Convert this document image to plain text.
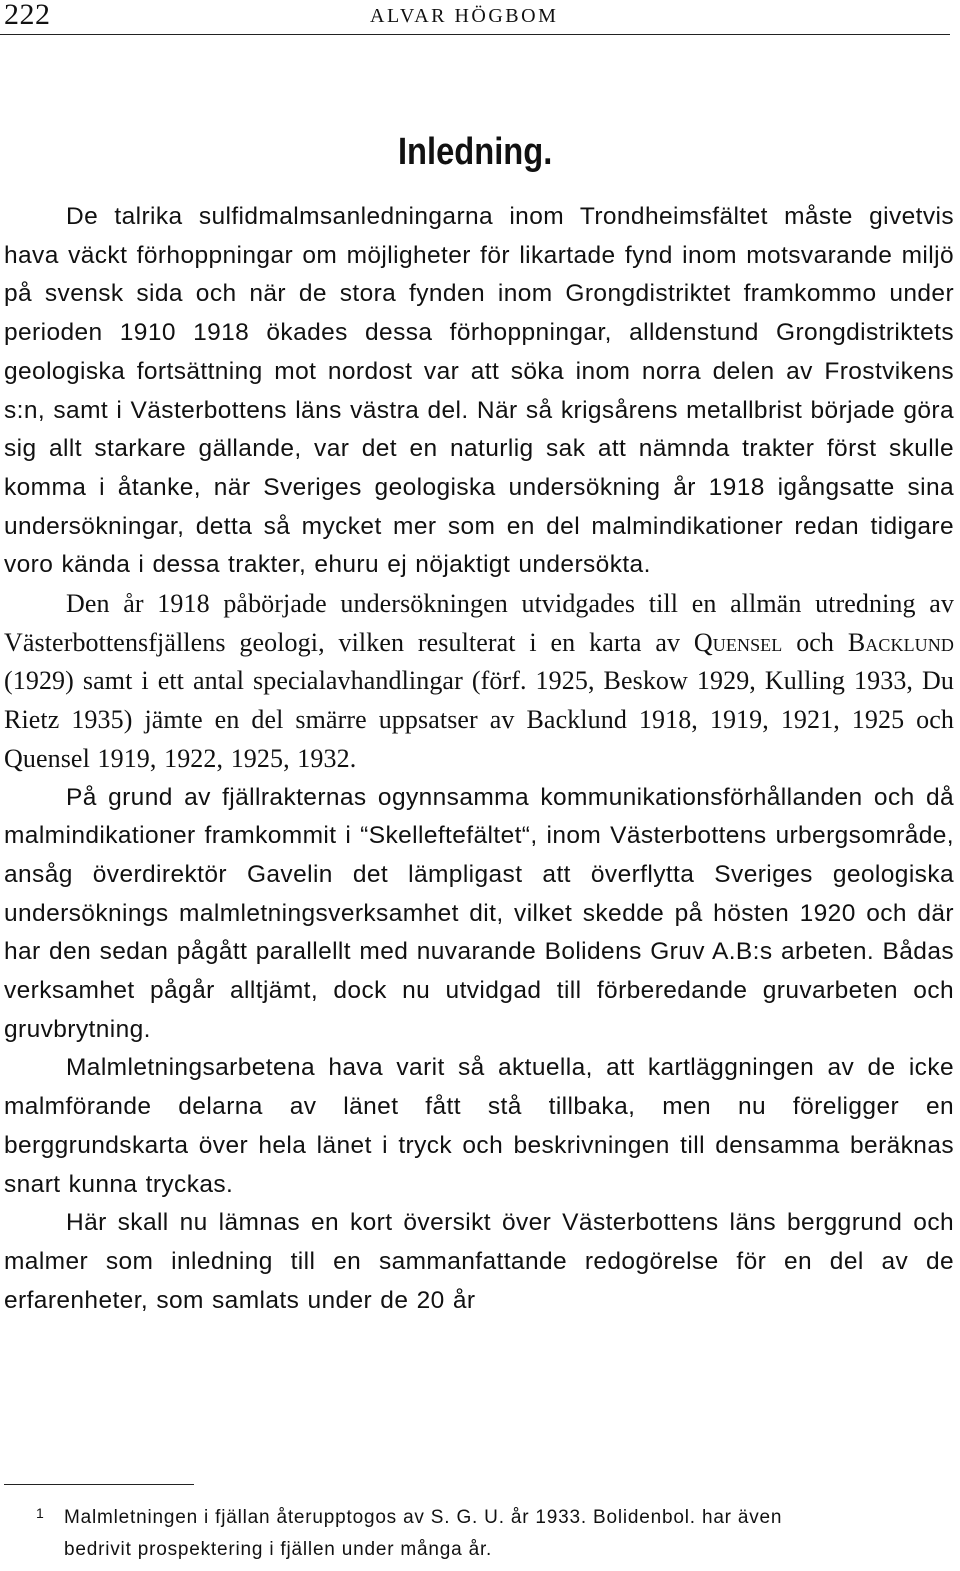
222	ALVAR HÖGBOM
Inledning.

De talrika sulfidmalmsanledningarna inom Trondheimsfältet måste givetvis hava väckt förhoppningar om möjligheter för likartade fynd inom motsvarande miljö på svensk sida och när de stora fynden inom Grongdistriktet framkommo under perioden 1910 1918 ökades dessa förhoppningar, alldenstund Grongdistriktets geologiska fortsättning mot nordost var att söka inom norra delen av Frostvikens s:n, samt i Västerbottens läns västra del. När så krigsårens metallbrist började göra sig allt starkare gällande, var det en naturlig sak att nämnda trakter först skulle komma i åtanke, när Sveriges geologiska undersökning år 1918 igångsatte sina undersökningar, detta så mycket mer som en del malmindikationer redan tidigare voro kända i dessa trakter, ehuru ej nöjaktigt undersökta.

Den år 1918 påbörjade undersökningen utvidgades till en allmän utredning av Västerbottensfjällens geologi, vilken resulterat i en karta av Quensel och Backlund (1929) samt i ett antal specialavhandlingar (förf. 1925, Beskow 1929, Kulling 1933, Du Rietz 1935) jämte en del smärre uppsatser av Backlund 1918, 1919, 1921, 1925 och Quensel 1919, 1922, 1925, 1932.

På grund av fjällrakternas ogynnsamma kommunikationsförhållanden och då malmindikationer framkommit i “Skelleftefältet“, inom Västerbottens urbergsområde, ansåg överdirektör Gavelin det lämpligast att överflytta Sveriges geologiska undersöknings malmletningsverksamhet dit, vilket skedde på hösten 1920 och där har den sedan pågått parallellt med nuvarande Bolidens Gruv A.B:s arbeten. Bådas verksamhet pågår alltjämt, dock nu utvidgad till förberedande gruvarbeten och gruvbrytning.

Malmletningsarbetena hava varit så aktuella, att kartläggningen av de icke malmförande delarna av länet fått stå tillbaka, men nu föreligger en berggrundskarta över hela länet i tryck och beskrivningen till densamma beräknas snart kunna tryckas.

Här skall nu lämnas en kort översikt över Västerbottens läns berggrund och malmer som inledning till en sammanfattande redogörelse för en del av de erfarenheter, som samlats under de 20 år

1 Malmletningen i fjällan återupptogos av S. G. U. år 1933. Bolidenbol. har även
bedrivit prospektering i fjällen under många år.
